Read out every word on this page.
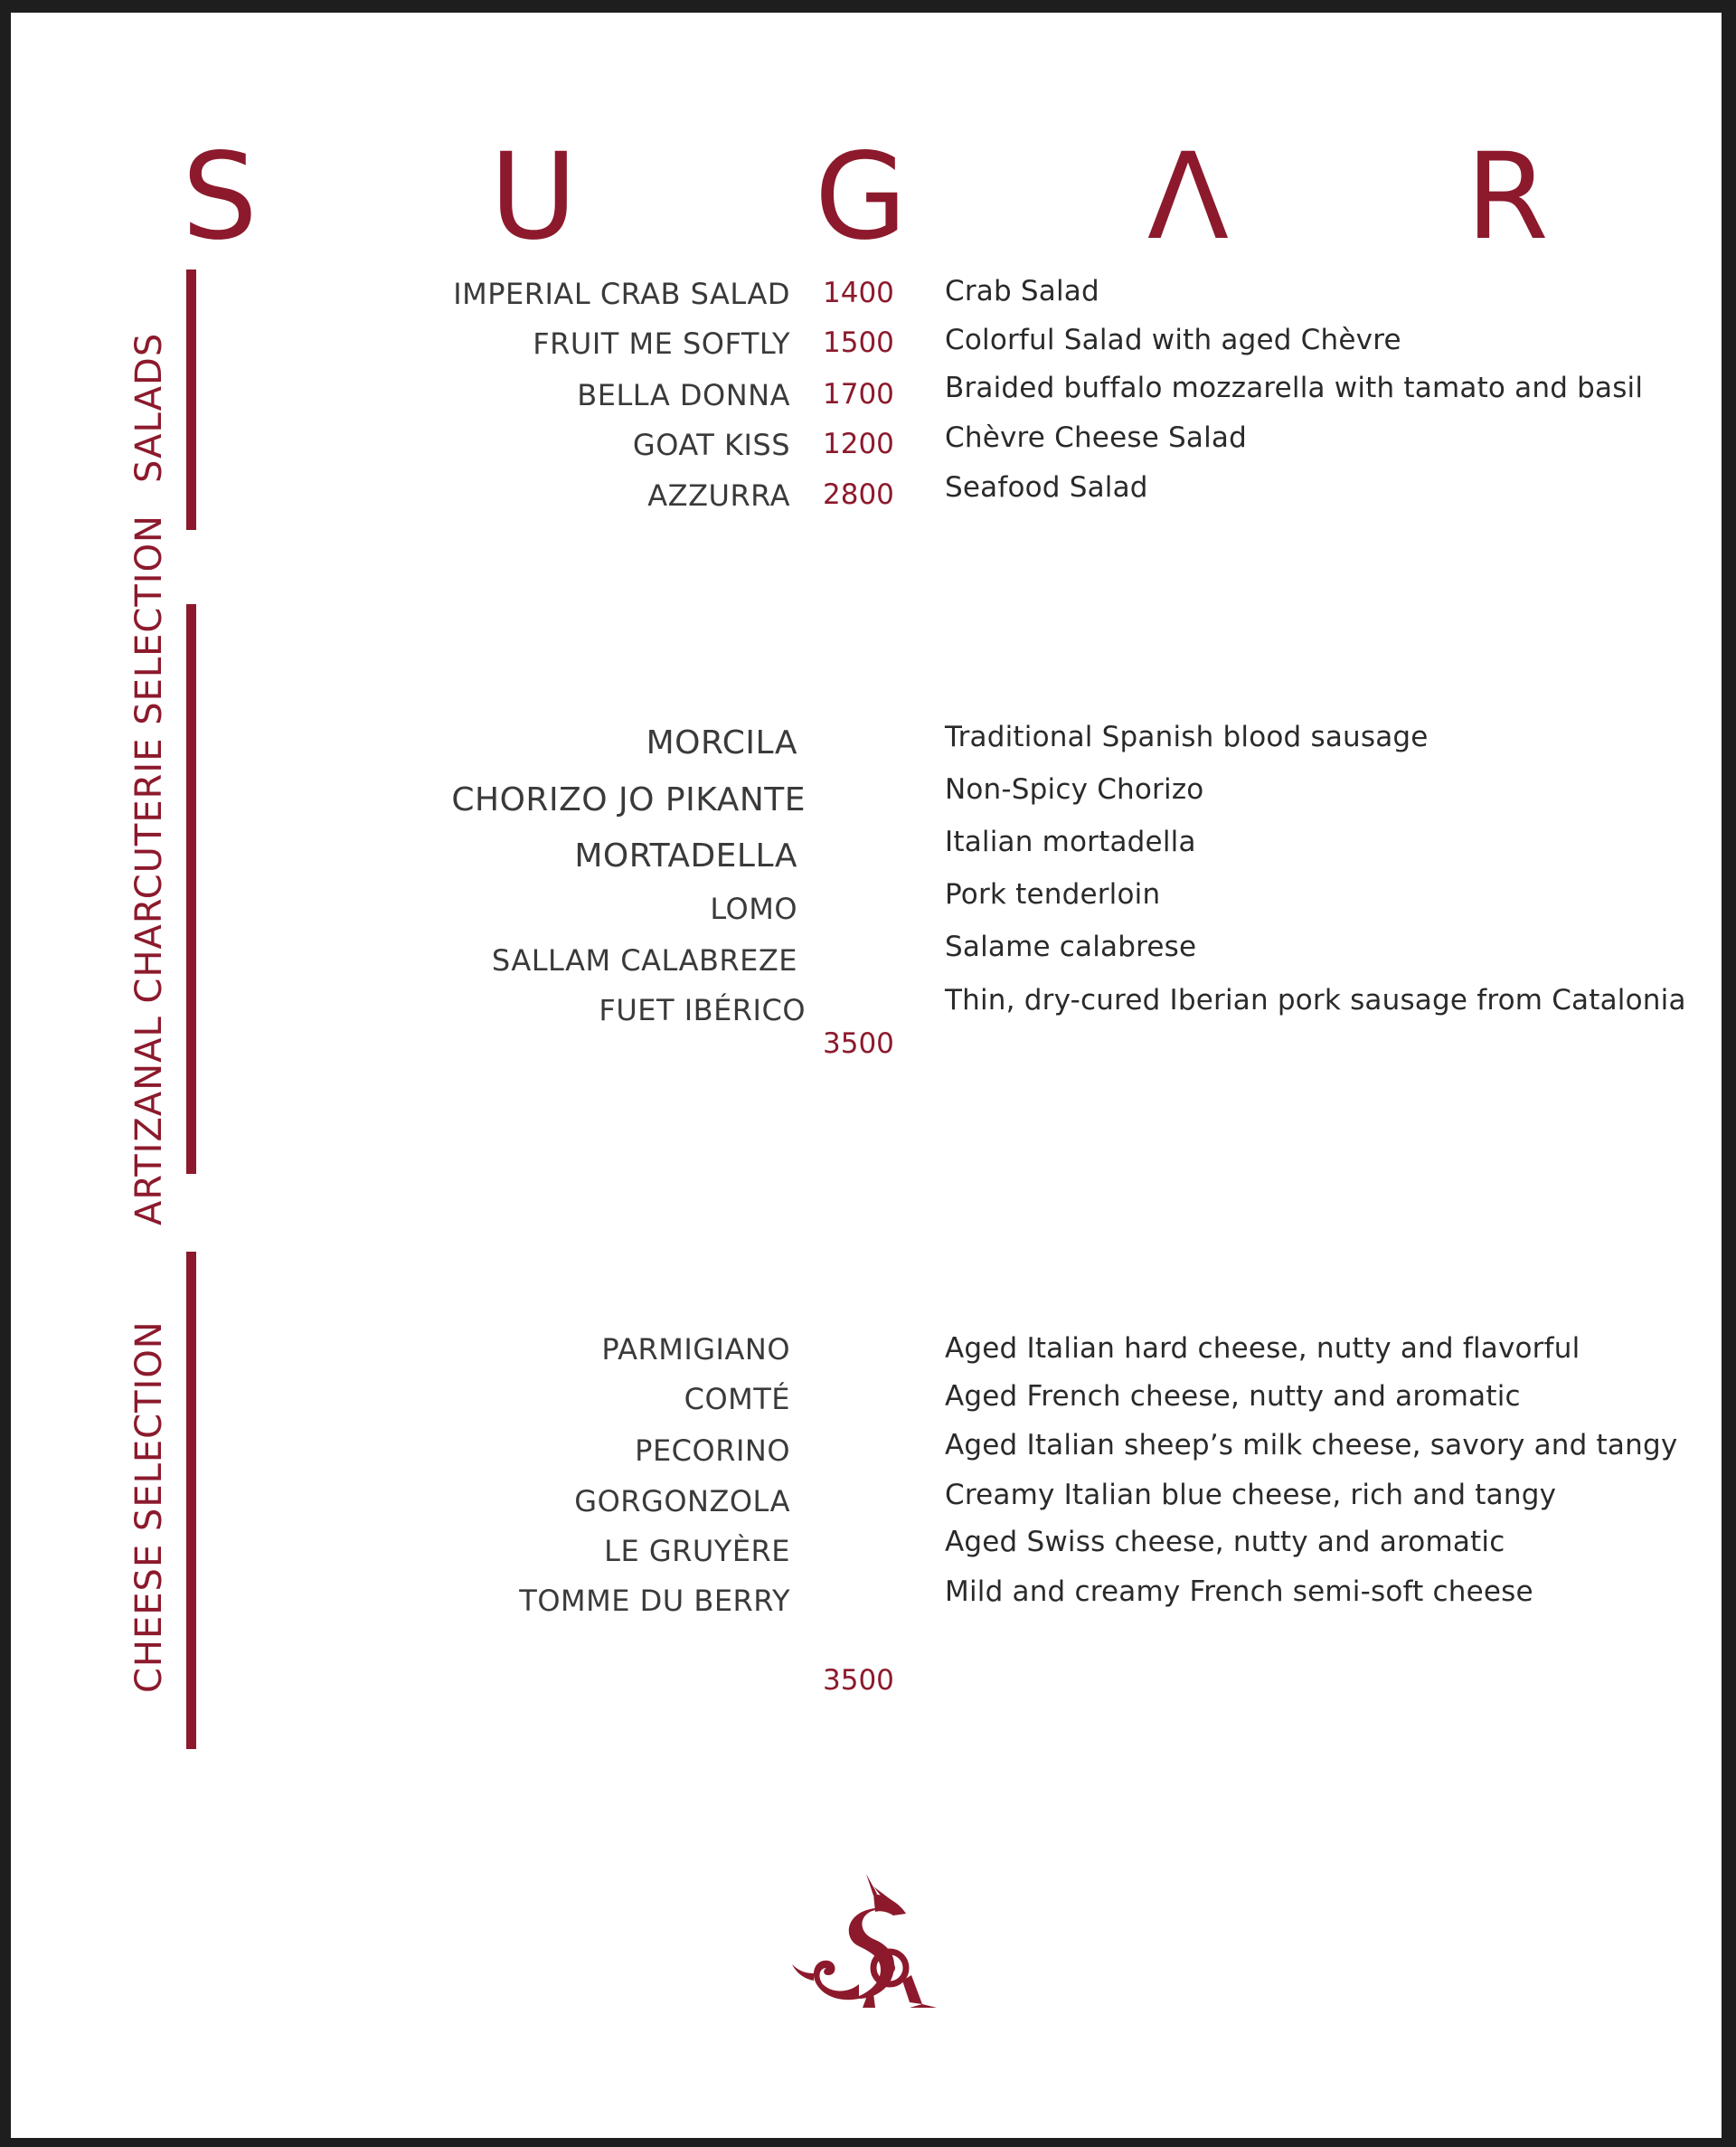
S U G Λ R
SALADS
IMPERIAL CRAB SALAD 1400 Crab Salad
FRUIT ME SOFTLY 1500 Colorful Salad with aged Chèvre
BELLA DONNA 1700 Braided buffalo mozzarella with tamato and basil
GOAT KISS 1200 Chèvre Cheese Salad
AZZURRA 2800 Seafood Salad
ARTIZANAL CHARCUTERIE SELECTION	MORCILA	Traditional Spanish blood sausage
CHORIZO JO PIKANTE	Non-Spicy Chorizo
MORTADELLA	Italian mortadella
LOMO	Pork tenderloin
SALLAM CALABREZE	Salame calabrese
FUET IBÉRICO	Thin, dry-cured Iberian pork sausage from Catalonia
3500
CHEESE SELECTION	PARMIGIANO	Aged Italian hard cheese, nutty and flavorful
COMTÉ	Aged French cheese, nutty and aromatic
PECORINO	Aged Italian sheep’s milk cheese, savory and tangy
GORGONZOLA	Creamy Italian blue cheese, rich and tangy
LE GRUYÈRE	Aged Swiss cheese, nutty and aromatic
TOMME DU BERRY	Mild and creamy French semi-soft cheese
3500
